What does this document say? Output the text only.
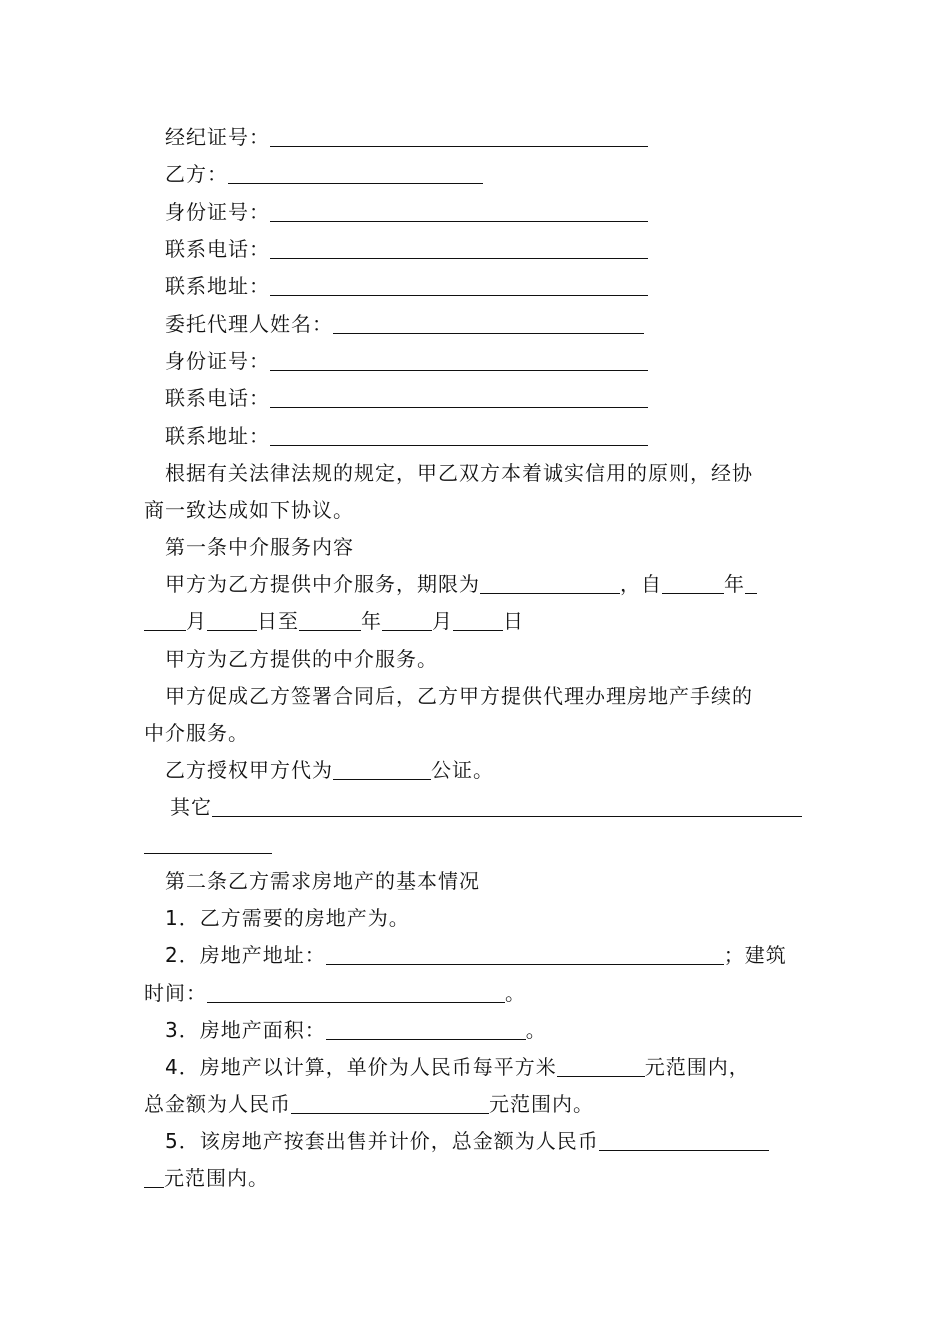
经纪证号：
乙方：
身份证号：
联系电话：
联系地址：
委托代理人姓名：
身份证号：
联系电话：
联系地址：
根据有关法律法规的规定，甲乙双方本着诚实信用的原则，经协
商一致达成如下协议。
第一条中介服务内容
甲方为乙方提供中介服务，期限为	，自	年
月	日至	年	月	日
甲方为乙方提供的中介服务。
甲方促成乙方签署合同后，乙方甲方提供代理办理房地产手续的
中介服务。
乙方授权甲方代为	公证。
其它
第二条乙方需求房地产的基本情况
1．乙方需要的房地产为。
2．房地产地址：	；建筑
时间：	。
3．房地产面积：	。
4．房地产以计算，单价为人民币每平方米	元范围内，
总金额为人民币	元范围内。
5．该房地产按套出售并计价，总金额为人民币
元范围内。
